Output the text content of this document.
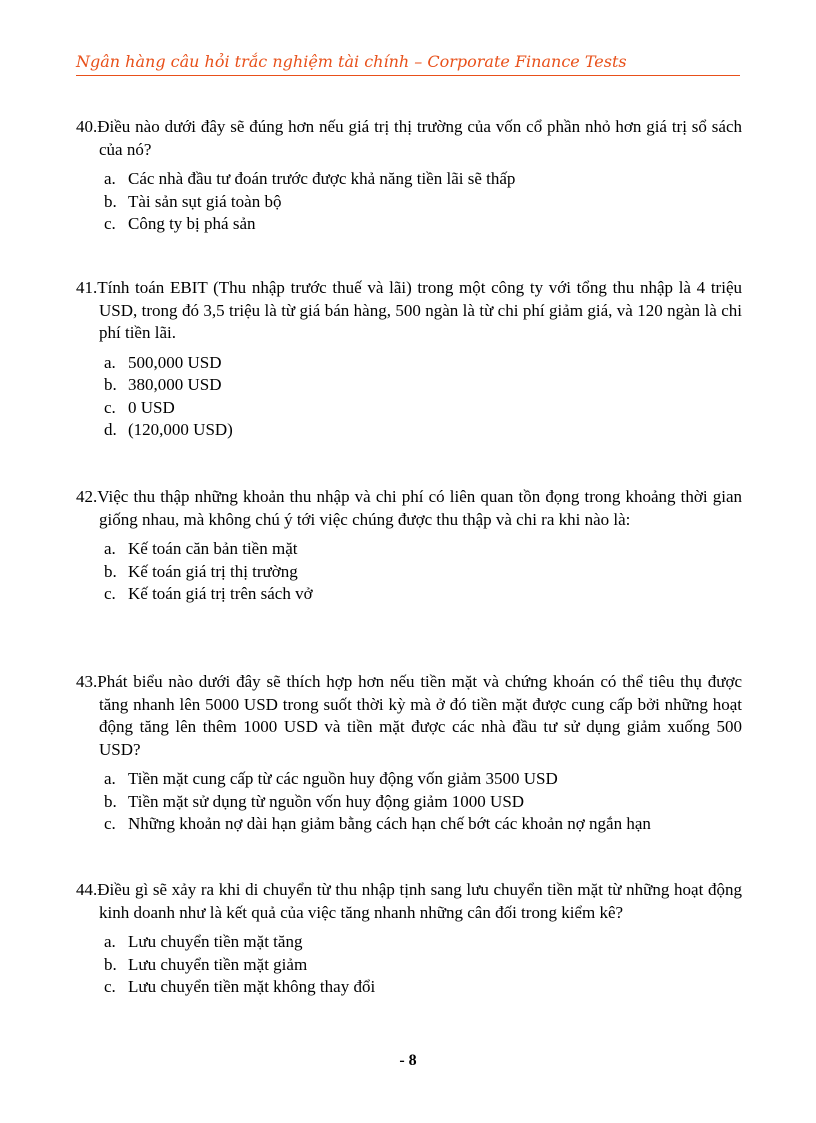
Ngân hàng câu hỏi trắc nghiệm tài chính – Corporate Finance Tests

40.Điều nào dưới đây sẽ đúng hơn nếu giá trị thị trường của vốn cổ phần nhỏ hơn giá trị sổ sách của nó?

a. Các nhà đầu tư đoán trước được khả năng tiền lãi sẽ thấp
b. Tài sản sụt giá toàn bộ
c. Công ty bị phá sản

41.Tính toán EBIT (Thu nhập trước thuế và lãi) trong một công ty với tổng thu nhập là 4 triệu USD, trong đó 3,5 triệu là từ giá bán hàng, 500 ngàn là từ chi phí giảm giá, và 120 ngàn là chi phí tiền lãi.

a. 500,000 USD
b. 380,000 USD
c. 0 USD
d. (120,000 USD)

42.Việc thu thập những khoản thu nhập và chi phí có liên quan tồn đọng trong khoảng thời gian giống nhau, mà không chú ý tới việc chúng được thu thập và chi ra khi nào là:

a. Kế toán căn bản tiền mặt
b. Kế toán giá trị thị trường
c. Kế toán giá trị trên sách vở

43.Phát biểu nào dưới đây sẽ thích hợp hơn nếu tiền mặt và chứng khoán có thể tiêu thụ được tăng nhanh lên 5000 USD trong suốt thời kỳ mà ở đó tiền mặt được cung cấp bởi những hoạt động tăng lên thêm 1000 USD và tiền mặt được các nhà đầu tư sử dụng giảm xuống 500 USD?

a. Tiền mặt cung cấp từ các nguồn huy động vốn giảm 3500 USD
b. Tiền mặt sử dụng từ nguồn vốn huy động giảm 1000 USD
c. Những khoản nợ dài hạn giảm bằng cách hạn chế bớt các khoản nợ ngắn hạn

44.Điều gì sẽ xảy ra khi di chuyển từ thu nhập tịnh sang lưu chuyển tiền mặt từ những hoạt động kinh doanh như là kết quả của việc tăng nhanh những cân đối trong kiểm kê?

a. Lưu chuyển tiền mặt tăng
b. Lưu chuyển tiền mặt giảm
c. Lưu chuyển tiền mặt không thay đổi
- 8
